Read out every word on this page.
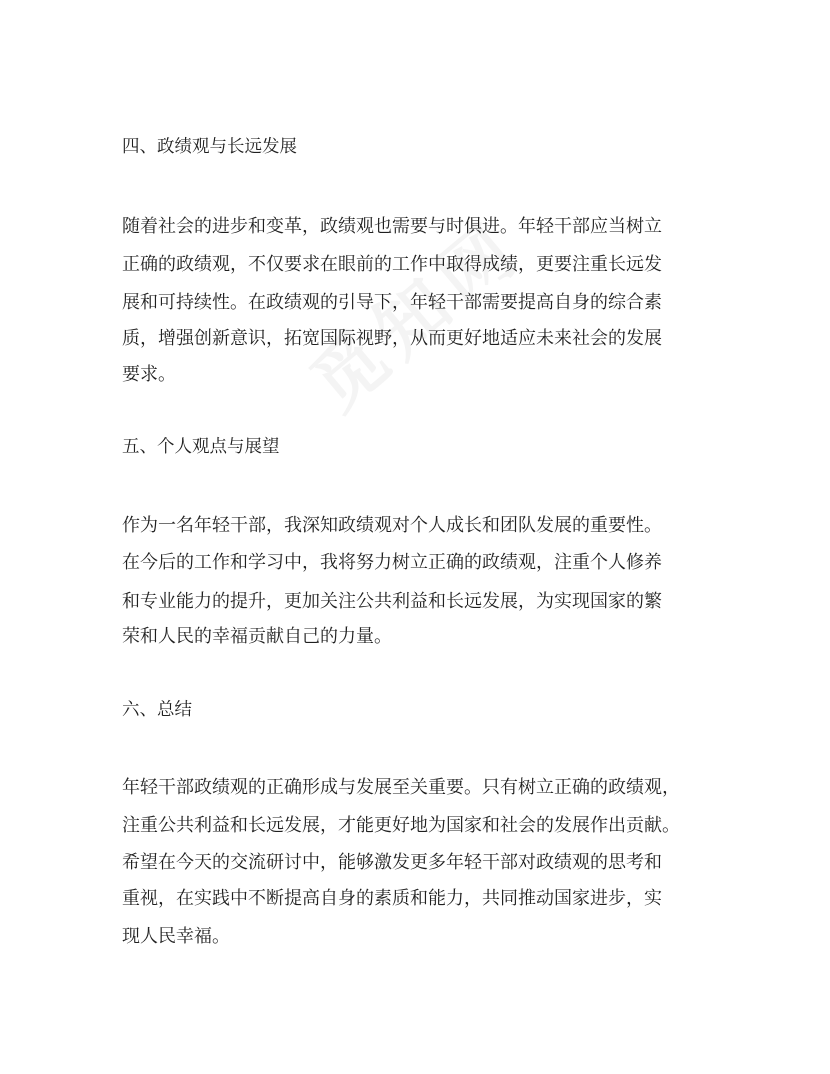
四、政绩观与长远发展
随着社会的进步和变革，政绩观也需要与时俱进。年轻干部应当树立
正确的政绩观，不仅要求在眼前的工作中取得成绩，更要注重长远发
展和可持续性。在政绩观的引导下，年轻干部需要提高自身的综合素
质，增强创新意识，拓宽国际视野，从而更好地适应未来社会的发展
要求。
五、个人观点与展望
作为一名年轻干部，我深知政绩观对个人成长和团队发展的重要性。
在今后的工作和学习中，我将努力树立正确的政绩观，注重个人修养
和专业能力的提升，更加关注公共利益和长远发展，为实现国家的繁
荣和人民的幸福贡献自己的力量。
六、总结
年轻干部政绩观的正确形成与发展至关重要。只有树立正确的政绩观，
注重公共利益和长远发展，才能更好地为国家和社会的发展作出贡献。
希望在今天的交流研讨中，能够激发更多年轻干部对政绩观的思考和
重视，在实践中不断提高自身的素质和能力，共同推动国家进步，实
现人民幸福。
